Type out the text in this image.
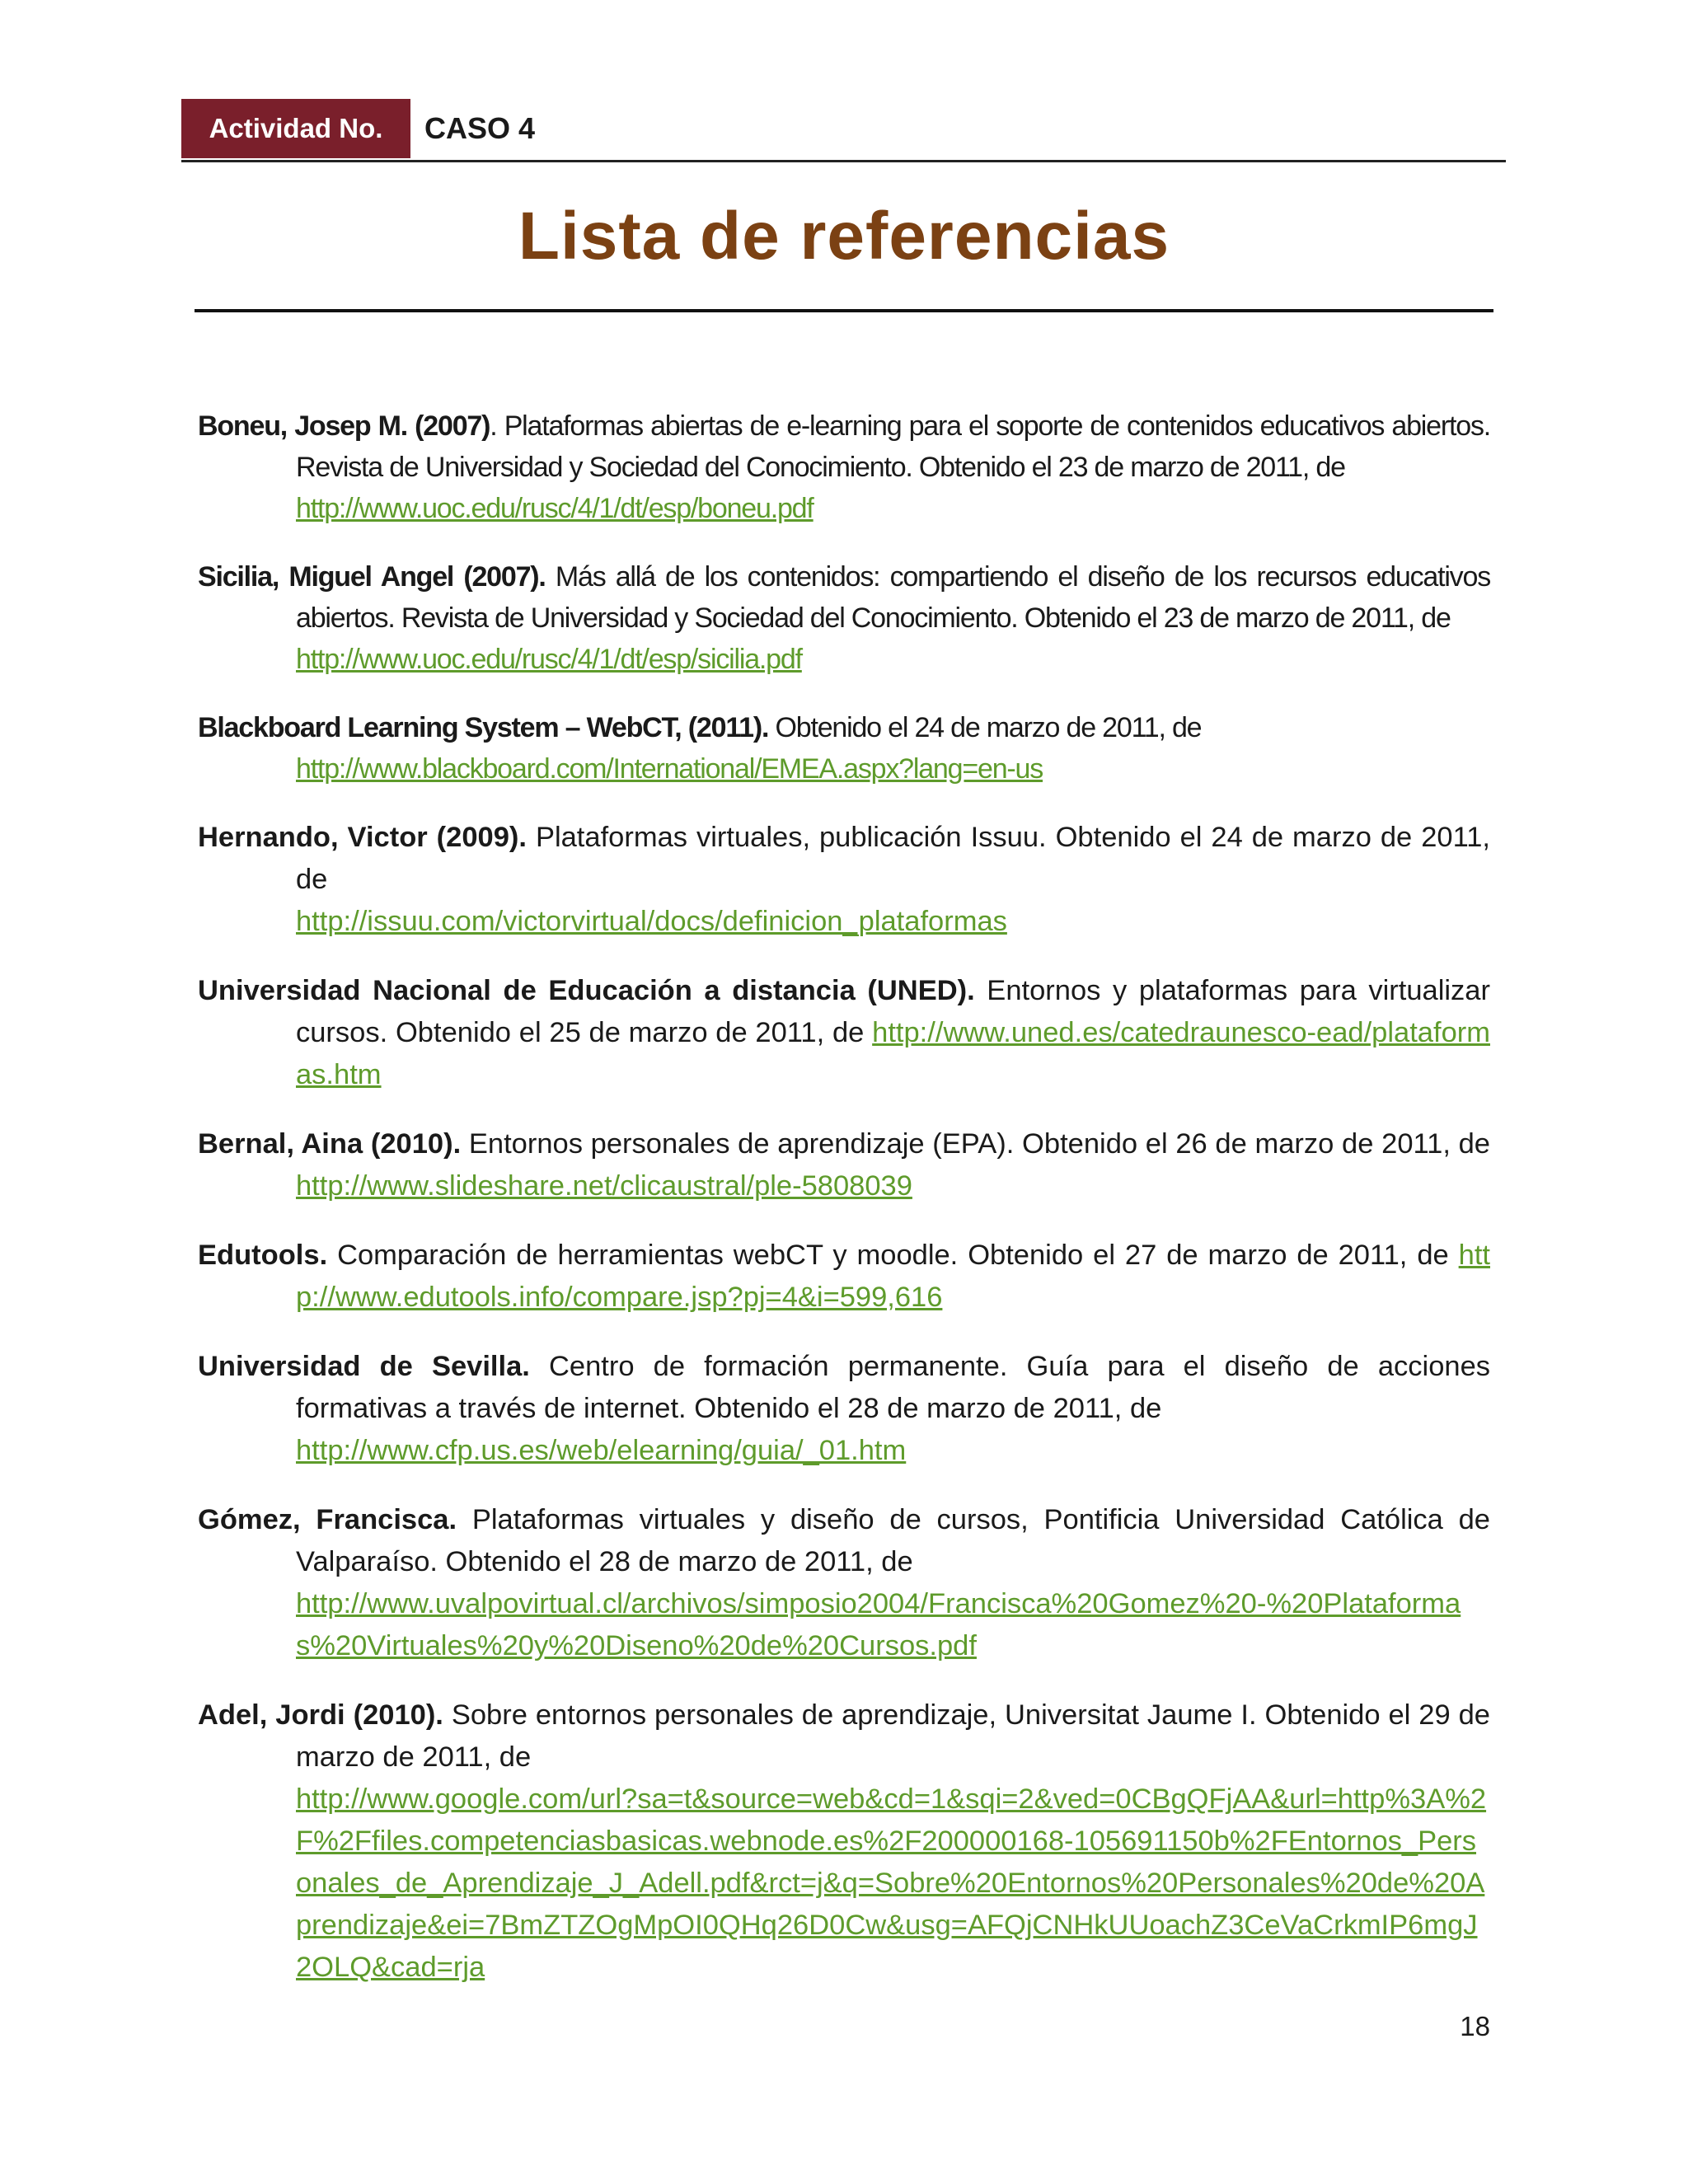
Actividad No. 1
CASO 4
Lista de referencias

Boneu, Josep M. (2007). Plataformas abiertas de e-learning para el soporte de contenidos educativos abiertos. Revista de Universidad y Sociedad del Conocimiento. Obtenido el 23 de marzo de 2011, de
http://www.uoc.edu/rusc/4/1/dt/esp/boneu.pdf

Sicilia, Miguel Angel (2007). Más allá de los contenidos: compartiendo el diseño de los recursos educativos abiertos. Revista de Universidad y Sociedad del Conocimiento. Obtenido el 23 de marzo de 2011, de
http://www.uoc.edu/rusc/4/1/dt/esp/sicilia.pdf

Blackboard Learning System – WebCT, (2011). Obtenido el 24 de marzo de 2011, de
http://www.blackboard.com/International/EMEA.aspx?lang=en-us

Hernando, Victor (2009). Plataformas virtuales, publicación Issuu. Obtenido el 24 de marzo de 2011, de
http://issuu.com/victorvirtual/docs/definicion_plataformas

Universidad Nacional de Educación a distancia (UNED). Entornos y plataformas para virtualizar cursos. Obtenido el 25 de marzo de 2011, de http://www.uned.es/catedraunesco-ead/plataformas.htm

Bernal, Aina (2010). Entornos personales de aprendizaje (EPA). Obtenido el 26 de marzo de 2011, de http://www.slideshare.net/clicaustral/ple-5808039

Edutools. Comparación de herramientas webCT y moodle. Obtenido el 27 de marzo de 2011, de http://www.edutools.info/compare.jsp?pj=4&i=599,616

Universidad de Sevilla. Centro de formación permanente. Guía para el diseño de acciones formativas a través de internet. Obtenido el 28 de marzo de 2011, de
http://www.cfp.us.es/web/elearning/guia/_01.htm

Gómez, Francisca. Plataformas virtuales y diseño de cursos, Pontificia Universidad Católica de Valparaíso. Obtenido el 28 de marzo de 2011, de
http://www.uvalpovirtual.cl/archivos/simposio2004/Francisca%20Gomez%20-%20Plataformas%20Virtuales%20y%20Diseno%20de%20Cursos.pdf

Adel, Jordi (2010). Sobre entornos personales de aprendizaje, Universitat Jaume I. Obtenido el 29 de marzo de 2011, de
http://www.google.com/url?sa=t&source=web&cd=1&sqi=2&ved=0CBgQFjAA&url=http%3A%2F%2Ffiles.competenciasbasicas.webnode.es%2F200000168-105691150b%2FEntornos_Personales_de_Aprendizaje_J_Adell.pdf&rct=j&q=Sobre%20Entornos%20Personales%20de%20Aprendizaje&ei=7BmZTZOgMpOI0QHq26D0Cw&usg=AFQjCNHkUUoachZ3CeVaCrkmIP6mgJ2OLQ&cad=rja

18
